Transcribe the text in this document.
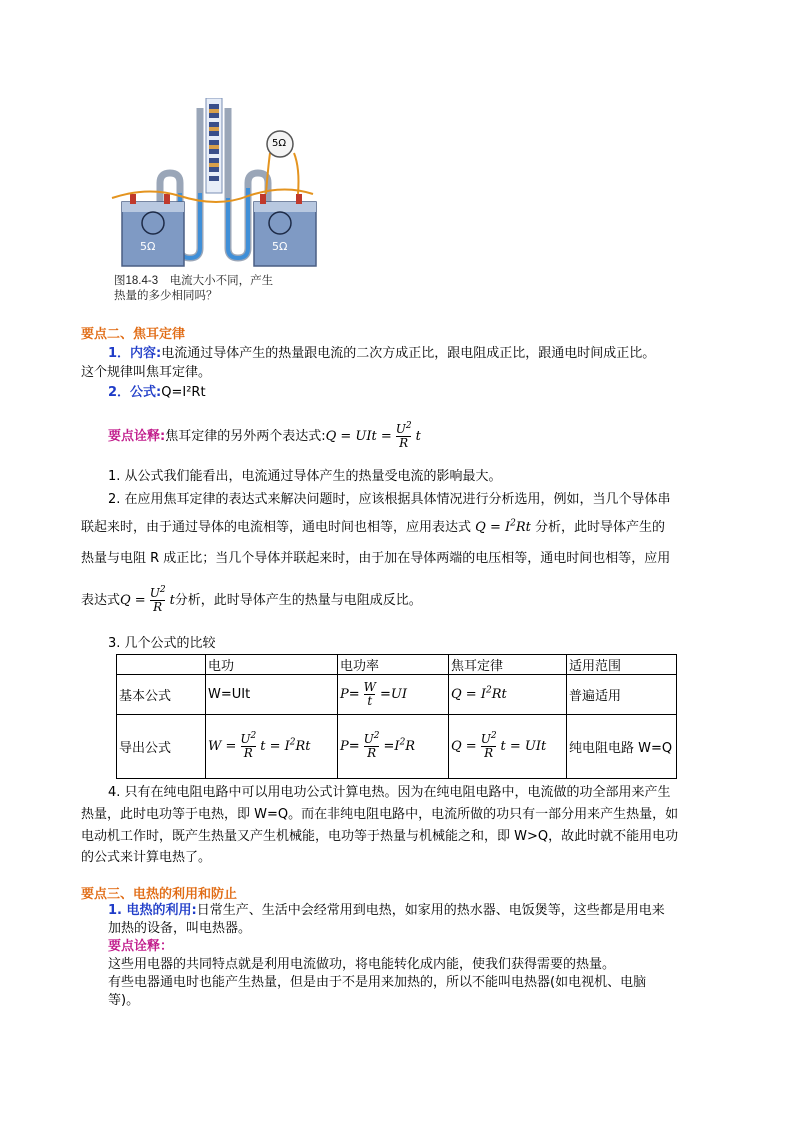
5Ω
5Ω	5Ω
图18.4-3　电流大小不同，产生
热量的多少相同吗？
要点二、焦耳定律
1．内容:电流通过导体产生的热量跟电流的二次方成正比，跟电阻成正比，跟通电时间成正比。
这个规律叫焦耳定律。
2．公式:Q=I²Rt
要点诠释: 焦耳定律的另外两个表达式: Q = UIt = $\frac{U^2}{R}$ t
1. 从公式我们能看出，电流通过导体产生的热量受电流的影响最大。
2. 在应用焦耳定律的表达式来解决问题时，应该根据具体情况进行分析选用，例如，当几个导体串
联起来时，由于通过导体的电流相等，通电时间也相等，应用表达式 $Q = I^2Rt$ 分析，此时导体产生的
热量与电阻 R 成正比；当几个导体并联起来时，由于加在导体两端的电压相等，通电时间也相等，应用
表达式 $Q = \frac{U^2}{R}$ t 分析，此时导体产生的热量与电阻成反比。
3. 几个公式的比较
	电功	电功率	焦耳定律	适用范围
基本公式	W=UIt	$P= \frac{W}{t} =UI$	$Q = I^2Rt$	普遍适用
导出公式	$W = \frac{U^2}{R}$ $t = I^2Rt$	$P= \frac{U^2}{R} =I^2R$	$Q = \frac{U^2}{R}$ t = UIt	纯电阻电路 W=Q
4. 只有在纯电阻电路中可以用电功公式计算电热。因为在纯电阻电路中，电流做的功全部用来产生
热量，此时电功等于电热，即 W=Q。而在非纯电阻电路中，电流所做的功只有一部分用来产生热量，如
电动机工作时，既产生热量又产生机械能，电功等于热量与机械能之和，即 W>Q，故此时就不能用电功
的公式来计算电热了。
要点三、电热的利用和防止
1. 电热的利用:日常生产、生活中会经常用到电热，如家用的热水器、电饭煲等，这些都是用电来
加热的设备，叫电热器。
要点诠释：
这些用电器的共同特点就是利用电流做功，将电能转化成内能，使我们获得需要的热量。
有些电器通电时也能产生热量，但是由于不是用来加热的，所以不能叫电热器(如电视机、电脑
等)。
